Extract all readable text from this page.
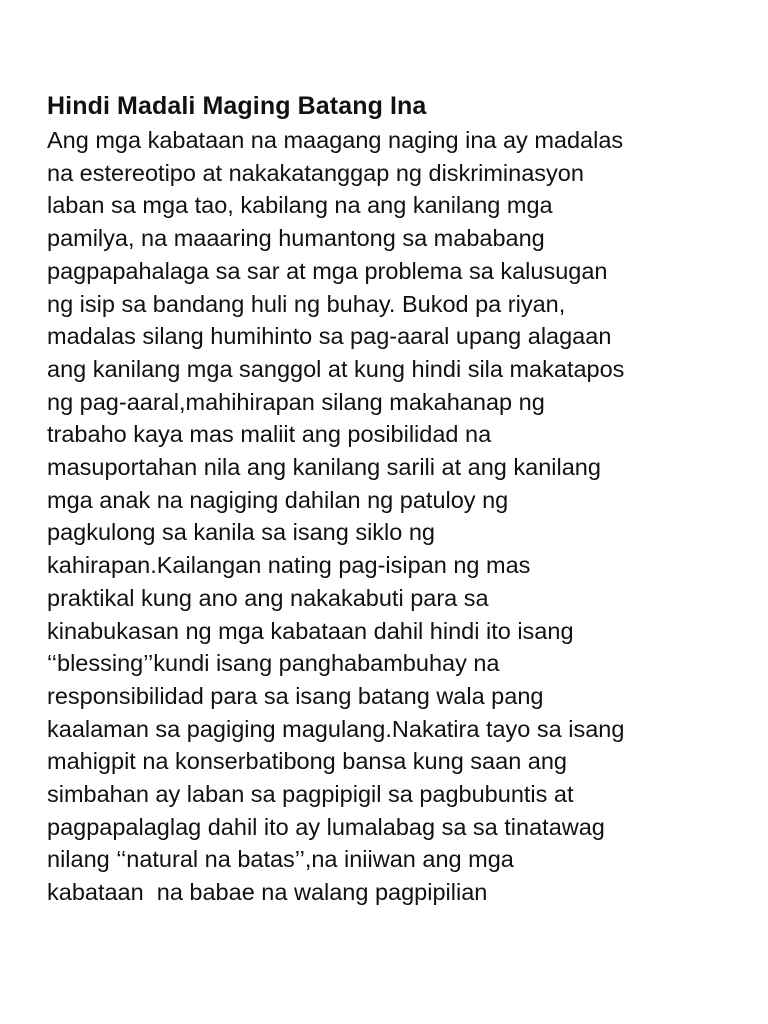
Hindi Madali Maging Batang Ina
Ang mga kabataan na maagang naging ina ay madalas
na estereotipo at nakakatanggap ng diskriminasyon
laban sa mga tao, kabilang na ang kanilang mga
pamilya, na maaaring humantong sa mababang
pagpapahalaga sa sar at mga problema sa kalusugan
ng isip sa bandang huli ng buhay. Bukod pa riyan,
madalas silang humihinto sa pag-aaral upang alagaan
ang kanilang mga sanggol at kung hindi sila makatapos
ng pag-aaral,mahihirapan silang makahanap ng
trabaho kaya mas maliit ang posibilidad na
masuportahan nila ang kanilang sarili at ang kanilang
mga anak na nagiging dahilan ng patuloy ng
pagkulong sa kanila sa isang siklo ng
kahirapan.Kailangan nating pag-isipan ng mas
praktikal kung ano ang nakakabuti para sa
kinabukasan ng mga kabataan dahil hindi ito isang
‘‘blessing’’kundi isang panghabambuhay na
responsibilidad para sa isang batang wala pang
kaalaman sa pagiging magulang.Nakatira tayo sa isang
mahigpit na konserbatibong bansa kung saan ang
simbahan ay laban sa pagpipigil sa pagbubuntis at
pagpapalaglag dahil ito ay lumalabag sa sa tinatawag
nilang ‘‘natural na batas’’,na iniiwan ang mga
kabataan  na babae na walang pagpipilian
